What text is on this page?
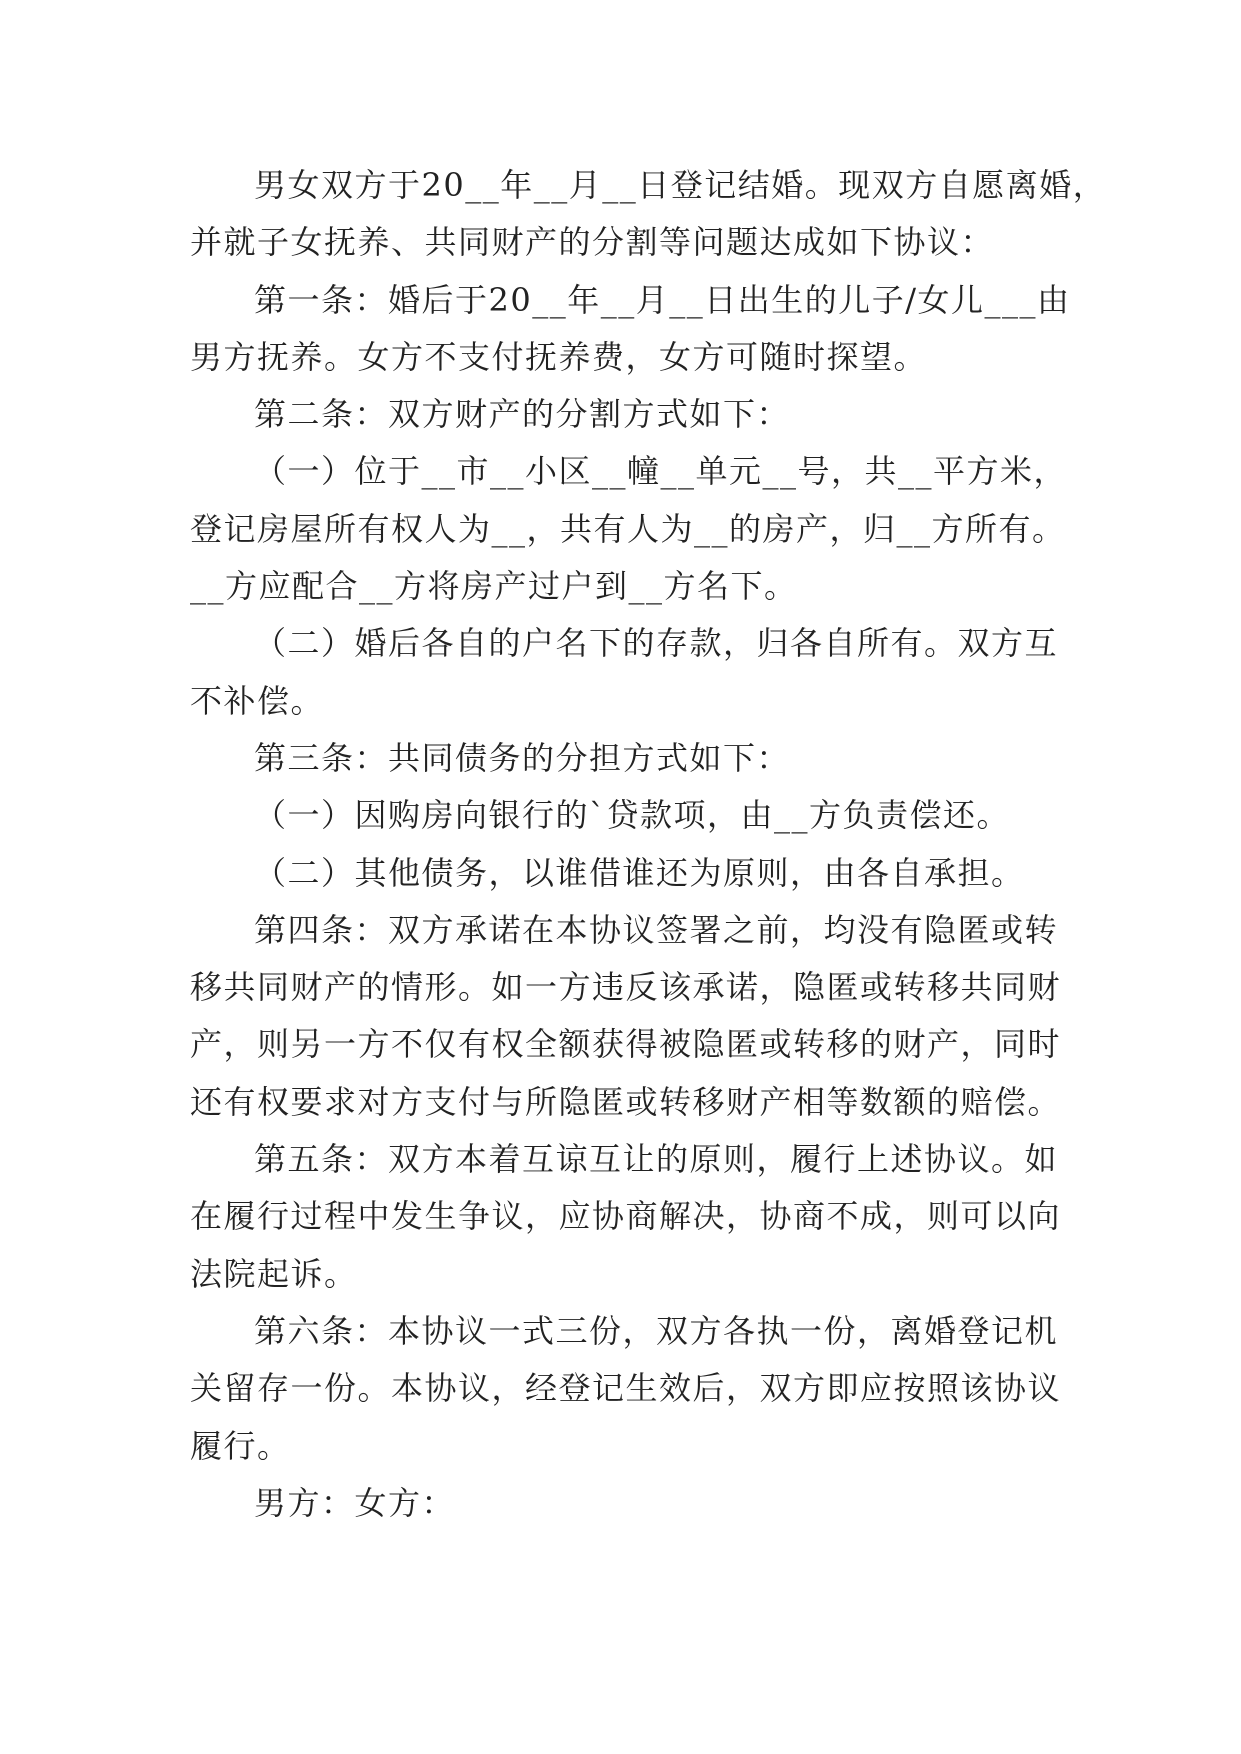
男女双方于20__年__月__日登记结婚。现双方自愿离婚，
并就子女抚养、共同财产的分割等问题达成如下协议：

第一条：婚后于20__年__月__日出生的儿子/女儿___由
男方抚养。女方不支付抚养费，女方可随时探望。

第二条：双方财产的分割方式如下：

（一）位于__市__小区__幢__单元__号，共__平方米，
登记房屋所有权人为__，共有人为__的房产，归__方所有。
__方应配合__方将房产过户到__方名下。

（二）婚后各自的户名下的存款，归各自所有。双方互
不补偿。

第三条：共同债务的分担方式如下：

（一）因购房向银行的`贷款项，由__方负责偿还。

（二）其他债务，以谁借谁还为原则，由各自承担。

第四条：双方承诺在本协议签署之前，均没有隐匿或转
移共同财产的情形。如一方违反该承诺，隐匿或转移共同财
产，则另一方不仅有权全额获得被隐匿或转移的财产，同时
还有权要求对方支付与所隐匿或转移财产相等数额的赔偿。

第五条：双方本着互谅互让的原则，履行上述协议。如
在履行过程中发生争议，应协商解决，协商不成，则可以向
法院起诉。

第六条：本协议一式三份，双方各执一份，离婚登记机
关留存一份。本协议，经登记生效后，双方即应按照该协议
履行。

男方：女方：
